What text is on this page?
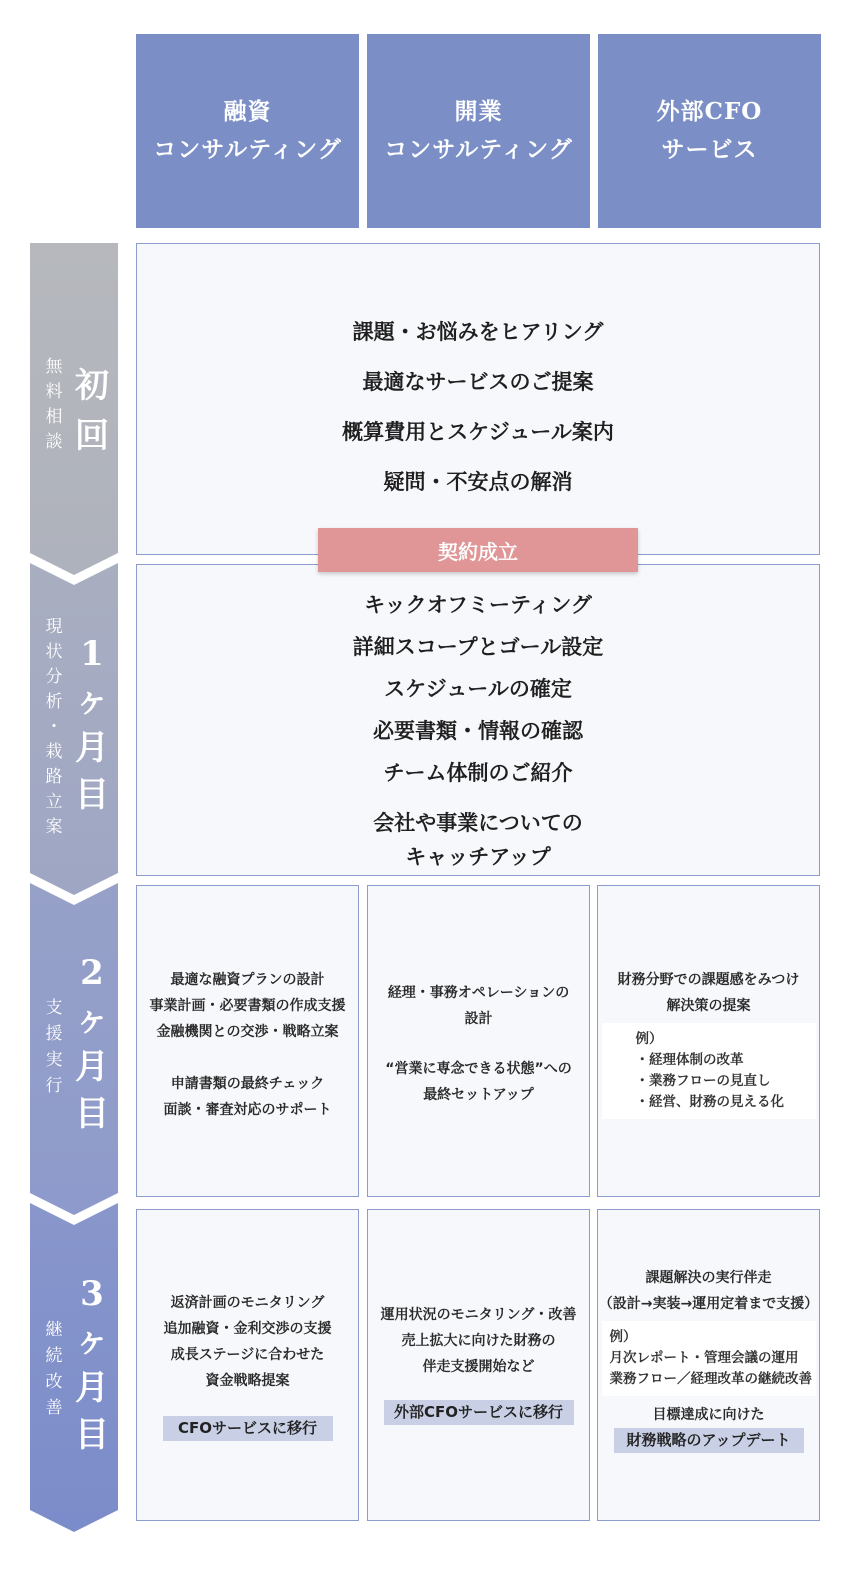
融資
コンサルティング
開業
コンサルティング
外部CFO
サービス
無
料
相
談
初
回
現
状
分
析
・
栽
路
立
案
1
ヶ
月
目
支
援
実
行
2
ヶ
月
目
継
続
改
善
3
ヶ
月
目
課題・お悩みをヒアリング
最適なサービスのご提案
概算費用とスケジュール案内
疑問・不安点の解消
キックオフミーティング
詳細スコープとゴール設定
スケジュールの確定
必要書類・情報の確認
チーム体制のご紹介
会社や事業についての
キャッチアップ
契約成立
最適な融資プランの設計
事業計画・必要書類の作成支援
金融機関との交渉・戦略立案
申請書類の最終チェック
面談・審査対応のサポート
経理・事務オペレーションの
設計
“営業に専念できる状態”への
最終セットアップ
財務分野での課題感をみつけ
解決策の提案
例）
・経理体制の改革
・業務フローの見直し
・経営、財務の見える化
返済計画のモニタリング
追加融資・金利交渉の支援
成長ステージに合わせた
資金戦略提案
CFOサービスに移行
運用状況のモニタリング・改善
売上拡大に向けた財務の
伴走支援開始など
外部CFOサービスに移行
課題解決の実行伴走
（設計→実装→運用定着まで支援）
例）
月次レポート・管理会議の運用
業務フロー／経理改革の継続改善
目標達成に向けた
財務戦略のアップデート
